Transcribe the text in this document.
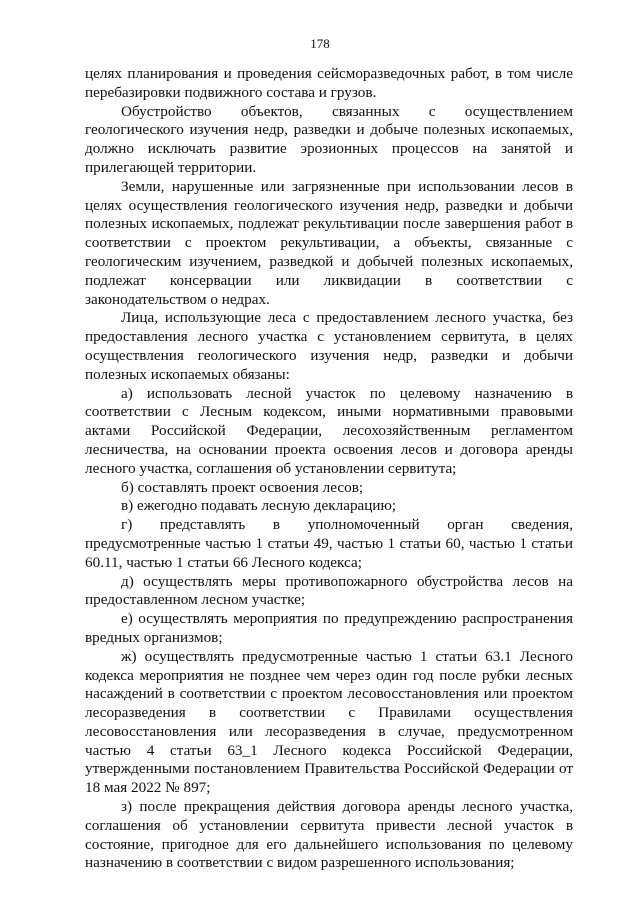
178
целях планирования и проведения сейсморазведочных работ, в том числе
перебазировки подвижного состава и грузов.
Обустройство объектов, связанных с осуществлением
геологического изучения недр, разведки и добыче полезных ископаемых,
должно исключать развитие эрозионных процессов на занятой и
прилегающей территории.
Земли, нарушенные или загрязненные при использовании лесов в
целях осуществления геологического изучения недр, разведки и добычи
полезных ископаемых, подлежат рекультивации после завершения работ в
соответствии с проектом рекультивации, а объекты, связанные с
геологическим изучением, разведкой и добычей полезных ископаемых,
подлежат консервации или ликвидации в соответствии с
законодательством о недрах.
Лица, использующие леса с предоставлением лесного участка, без
предоставления лесного участка с установлением сервитута, в целях
осуществления геологического изучения недр, разведки и добычи
полезных ископаемых обязаны:
а) использовать лесной участок по целевому назначению в
соответствии с Лесным кодексом, иными нормативными правовыми
актами Российской Федерации, лесохозяйственным регламентом
лесничества, на основании проекта освоения лесов и договора аренды
лесного участка, соглашения об установлении сервитута;
б) составлять проект освоения лесов;
в) ежегодно подавать лесную декларацию;
г) представлять в уполномоченный орган сведения,
предусмотренные частью 1 статьи 49, частью 1 статьи 60, частью 1 статьи
60.11, частью 1 статьи 66 Лесного кодекса;
д) осуществлять меры противопожарного обустройства лесов на
предоставленном лесном участке;
е) осуществлять мероприятия по предупреждению распространения
вредных организмов;
ж) осуществлять предусмотренные частью 1 статьи 63.1 Лесного
кодекса мероприятия не позднее чем через один год после рубки лесных
насаждений в соответствии с проектом лесовосстановления или проектом
лесоразведения в соответствии с Правилами осуществления
лесовосстановления или лесоразведения в случае, предусмотренном
частью 4 статьи 63_1 Лесного кодекса Российской Федерации,
утвержденными постановлением Правительства Российской Федерации от
18 мая 2022 № 897;
з) после прекращения действия договора аренды лесного участка,
соглашения об установлении сервитута привести лесной участок в
состояние, пригодное для его дальнейшего использования по целевому
назначению в соответствии с видом разрешенного использования;
